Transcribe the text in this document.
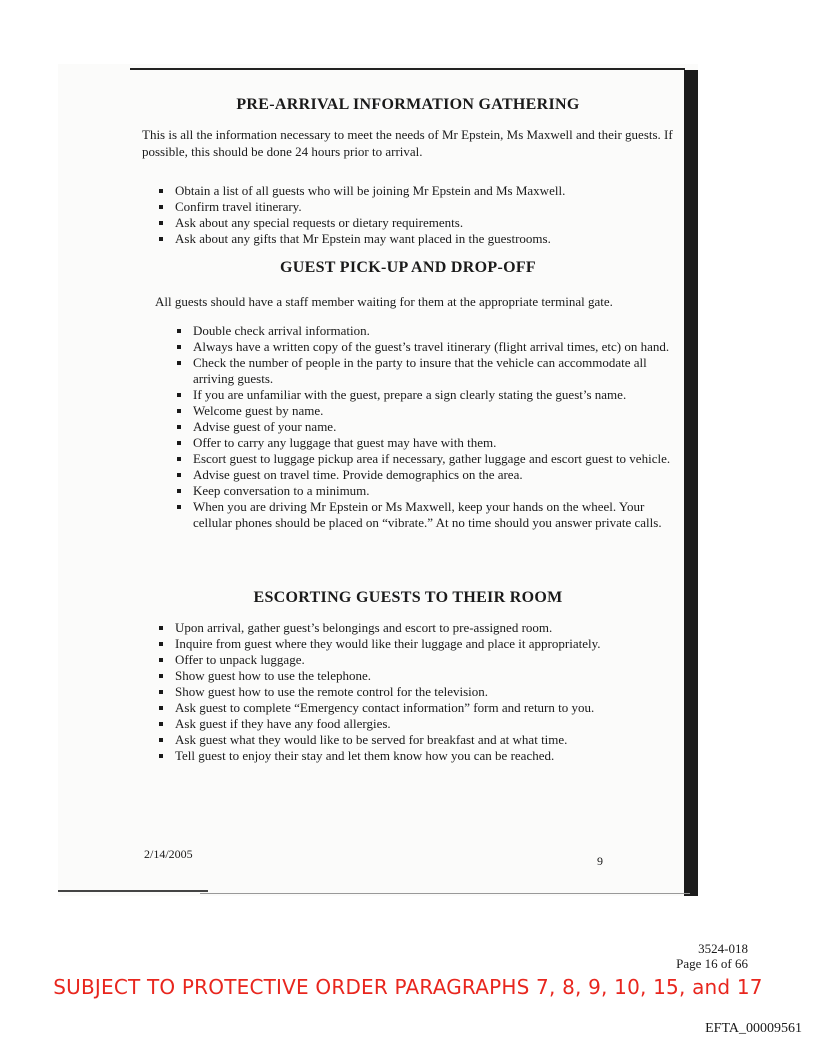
PRE-ARRIVAL INFORMATION GATHERING

This is all the information necessary to meet the needs of Mr Epstein, Ms Maxwell and their guests. If possible, this should be done 24 hours prior to arrival.

Obtain a list of all guests who will be joining Mr Epstein and Ms Maxwell.
Confirm travel itinerary.
Ask about any special requests or dietary requirements.
Ask about any gifts that Mr Epstein may want placed in the guestrooms.
GUEST PICK-UP AND DROP-OFF

All guests should have a staff member waiting for them at the appropriate terminal gate.

Double check arrival information.
Always have a written copy of the guest’s travel itinerary (flight arrival times, etc) on hand.
Check the number of people in the party to insure that the vehicle can accommodate all arriving guests.
If you are unfamiliar with the guest, prepare a sign clearly stating the guest’s name.
Welcome guest by name.
Advise guest of your name.
Offer to carry any luggage that guest may have with them.
Escort guest to luggage pickup area if necessary, gather luggage and escort guest to vehicle.
Advise guest on travel time. Provide demographics on the area.
Keep conversation to a minimum.
When you are driving Mr Epstein or Ms Maxwell, keep your hands on the wheel. Your cellular phones should be placed on “vibrate.” At no time should you answer private calls.
ESCORTING GUESTS TO THEIR ROOM
Upon arrival, gather guest’s belongings and escort to pre-assigned room.
Inquire from guest where they would like their luggage and place it appropriately.
Offer to unpack luggage.
Show guest how to use the telephone.
Show guest how to use the remote control for the television.
Ask guest to complete “Emergency contact information” form and return to you.
Ask guest if they have any food allergies.
Ask guest what they would like to be served for breakfast and at what time.
Tell guest to enjoy their stay and let them know how you can be reached.
2/14/2005	9
3524-018
Page 16 of 66
SUBJECT TO PROTECTIVE ORDER PARAGRAPHS 7, 8, 9, 10, 15, and 17
EFTA_00009561
